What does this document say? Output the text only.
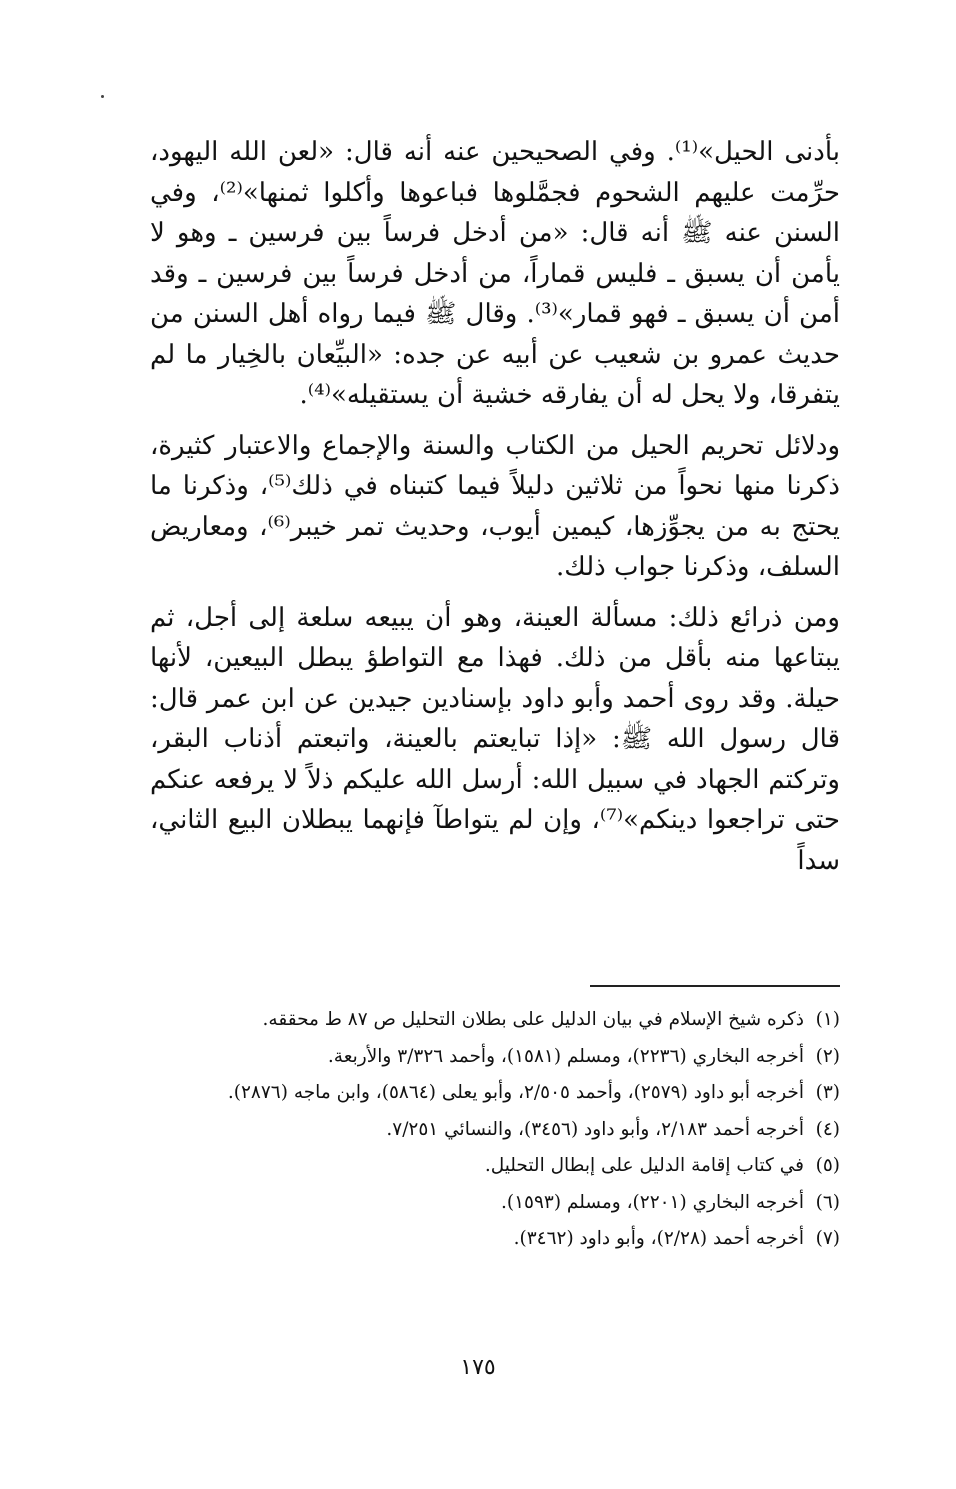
بأدنى الحيل»⁽¹⁾. وفي الصحيحين عنه أنه قال: «لعن الله اليهود، حرِّمت عليهم الشحوم فجمَّلوها فباعوها وأكلوا ثمنها»⁽²⁾، وفي السنن عنه ﷺ أنه قال: «من أدخل فرساً بين فرسين ـ وهو لا يأمن أن يسبق ـ فليس قماراً، من أدخل فرساً بين فرسين ـ وقد أمن أن يسبق ـ فهو قمار»⁽³⁾. وقال ﷺ فيما رواه أهل السنن من حديث عمرو بن شعيب عن أبيه عن جده: «البيِّعان بالخِيار ما لم يتفرقا، ولا يحل له أن يفارقه خشية أن يستقيله»⁽⁴⁾.

ودلائل تحريم الحيل من الكتاب والسنة والإجماع والاعتبار كثيرة، ذكرنا منها نحواً من ثلاثين دليلاً فيما كتبناه في ذلك⁽⁵⁾، وذكرنا ما يحتج به من يجوِّزها، كيمين أيوب، وحديث تمر خيبر⁽⁶⁾، ومعاريض السلف، وذكرنا جواب ذلك.

ومن ذرائع ذلك: مسألة العينة، وهو أن يبيعه سلعة إلى أجل، ثم يبتاعها منه بأقل من ذلك. فهذا مع التواطؤ يبطل البيعين، لأنها حيلة. وقد روى أحمد وأبو داود بإسنادين جيدين عن ابن عمر قال: قال رسول الله ﷺ: «إذا تبايعتم بالعينة، واتبعتم أذناب البقر، وتركتم الجهاد في سبيل الله: أرسل الله عليكم ذلاً لا يرفعه عنكم حتى تراجعوا دينكم»⁽⁷⁾، وإن لم يتواطآ فإنهما يبطلان البيع الثاني، سداً

(١)
ذكره شيخ الإسلام في بيان الدليل على بطلان التحليل ص ٨٧ ط محققه.
(٢)
أخرجه البخاري (٢٢٣٦)، ومسلم (١٥٨١)، وأحمد ٣/٣٢٦ والأربعة.
(٣)
أخرجه أبو داود (٢٥٧٩)، وأحمد ٢/٥٠٥، وأبو يعلى (٥٨٦٤)، وابن ماجه (٢٨٧٦).
(٤)
أخرجه أحمد ٢/١٨٣، وأبو داود (٣٤٥٦)، والنسائي ٧/٢٥١.
(٥)
في كتاب إقامة الدليل على إبطال التحليل.
(٦)
أخرجه البخاري (٢٢٠١)، ومسلم (١٥٩٣).
(٧)
أخرجه أحمد (٢/٢٨)، وأبو داود (٣٤٦٢).
١٧٥
